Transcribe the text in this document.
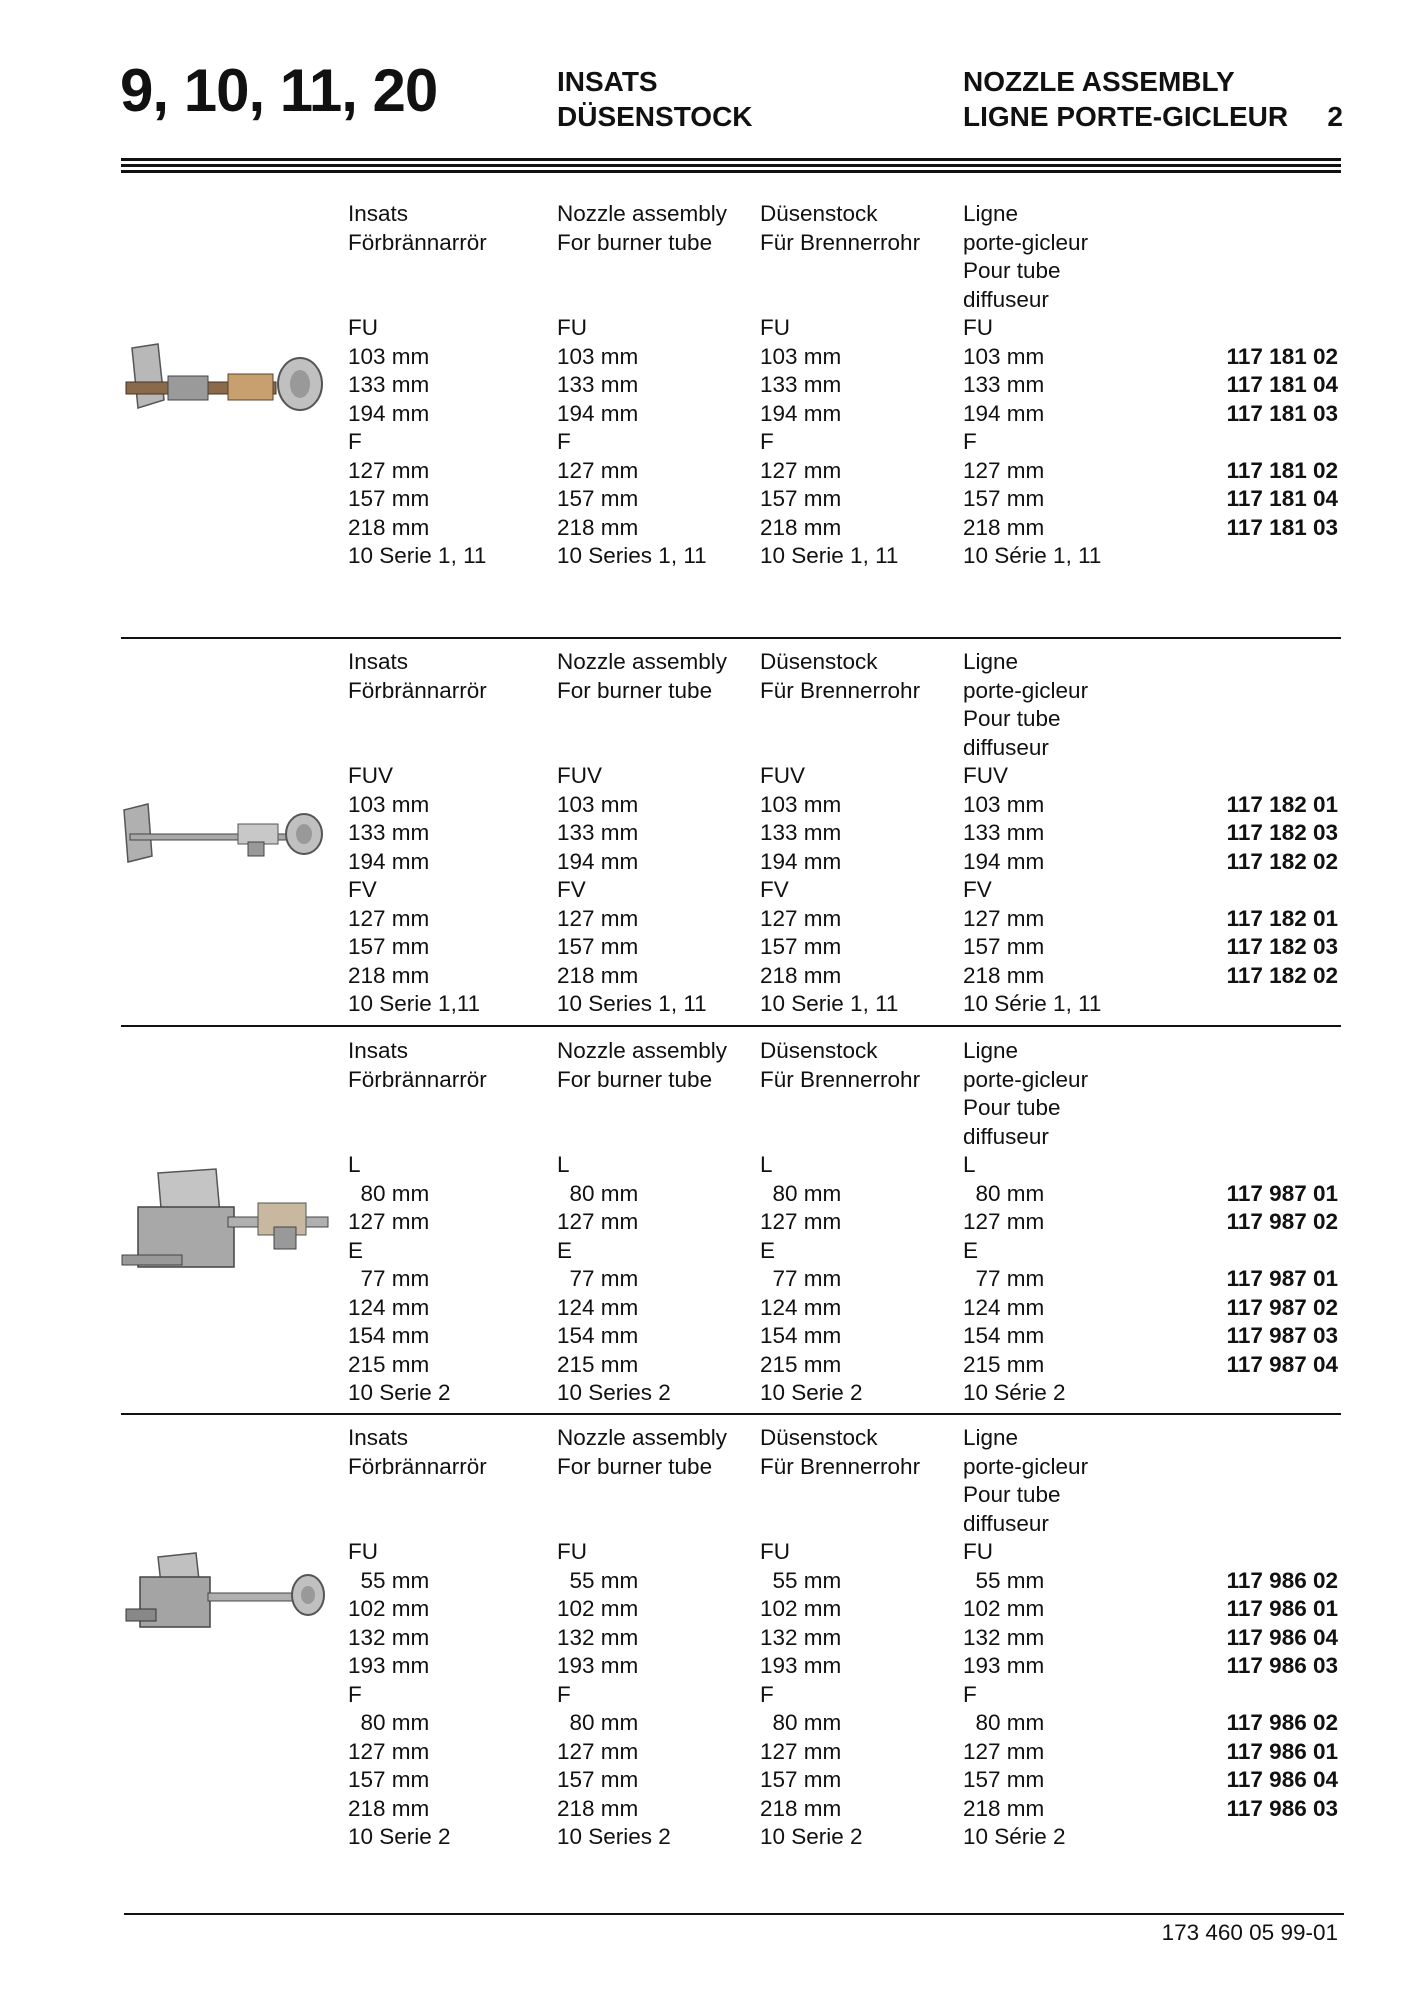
9, 10, 11, 20	INSATS
DÜSENSTOCK
NOZZLE ASSEMBLY
LIGNE PORTE-GICLEUR	2
Insats
Förbrännarrör
FU
103 mm
133 mm
194 mm
F
127 mm
157 mm
218 mm
10 Serie 1, 11
Nozzle assembly
For burner tube
FU
103 mm
133 mm
194 mm
F
127 mm
157 mm
218 mm
10 Series 1, 11
Düsenstock
Für Brennerrohr
FU
103 mm
133 mm
194 mm
F
127 mm
157 mm
218 mm
10 Serie 1, 11
Ligne
porte-gicleur
Pour tube
diffuseur
FU
103 mm
133 mm
194 mm
F
127 mm
157 mm
218 mm
10 Série 1, 11
117 181 02
117 181 04
117 181 03
117 181 02
117 181 04
117 181 03
Insats
Förbrännarrör
FUV
103 mm
133 mm
194 mm
FV
127 mm
157 mm
218 mm
10 Serie 1,11
Nozzle assembly
For burner tube
FUV
103 mm
133 mm
194 mm
FV
127 mm
157 mm
218 mm
10 Series 1, 11
Düsenstock
Für Brennerrohr
FUV
103 mm
133 mm
194 mm
FV
127 mm
157 mm
218 mm
10 Serie 1, 11
Ligne
porte-gicleur
Pour tube
diffuseur
FUV
103 mm
133 mm
194 mm
FV
127 mm
157 mm
218 mm
10 Série 1, 11
117 182 01
117 182 03
117 182 02
117 182 01
117 182 03
117 182 02
Insats
Förbrännarrör
L
80 mm
127 mm
E
77 mm
124 mm
154 mm
215 mm
10 Serie 2
Nozzle assembly
For burner tube
L
80 mm
127 mm
E
77 mm
124 mm
154 mm
215 mm
10 Series 2
Düsenstock
Für Brennerrohr
L
80 mm
127 mm
E
77 mm
124 mm
154 mm
215 mm
10 Serie 2
Ligne
porte-gicleur
Pour tube
diffuseur
L
80 mm
127 mm
E
77 mm
124 mm
154 mm
215 mm
10 Série 2
117 987 01
117 987 02
117 987 01
117 987 02
117 987 03
117 987 04
Insats
Förbrännarrör
FU
55 mm
102 mm
132 mm
193 mm
F
80 mm
127 mm
157 mm
218 mm
10 Serie 2
Nozzle assembly
For burner tube
FU
55 mm
102 mm
132 mm
193 mm
F
80 mm
127 mm
157 mm
218 mm
10 Series 2
Düsenstock
Für Brennerrohr
FU
55 mm
102 mm
132 mm
193 mm
F
80 mm
127 mm
157 mm
218 mm
10 Serie 2
Ligne
porte-gicleur
Pour tube
diffuseur
FU
55 mm
102 mm
132 mm
193 mm
F
80 mm
127 mm
157 mm
218 mm
10 Série 2
117 986 02
117 986 01
117 986 04
117 986 03
117 986 02
117 986 01
117 986 04
117 986 03
173 460 05 99-01
